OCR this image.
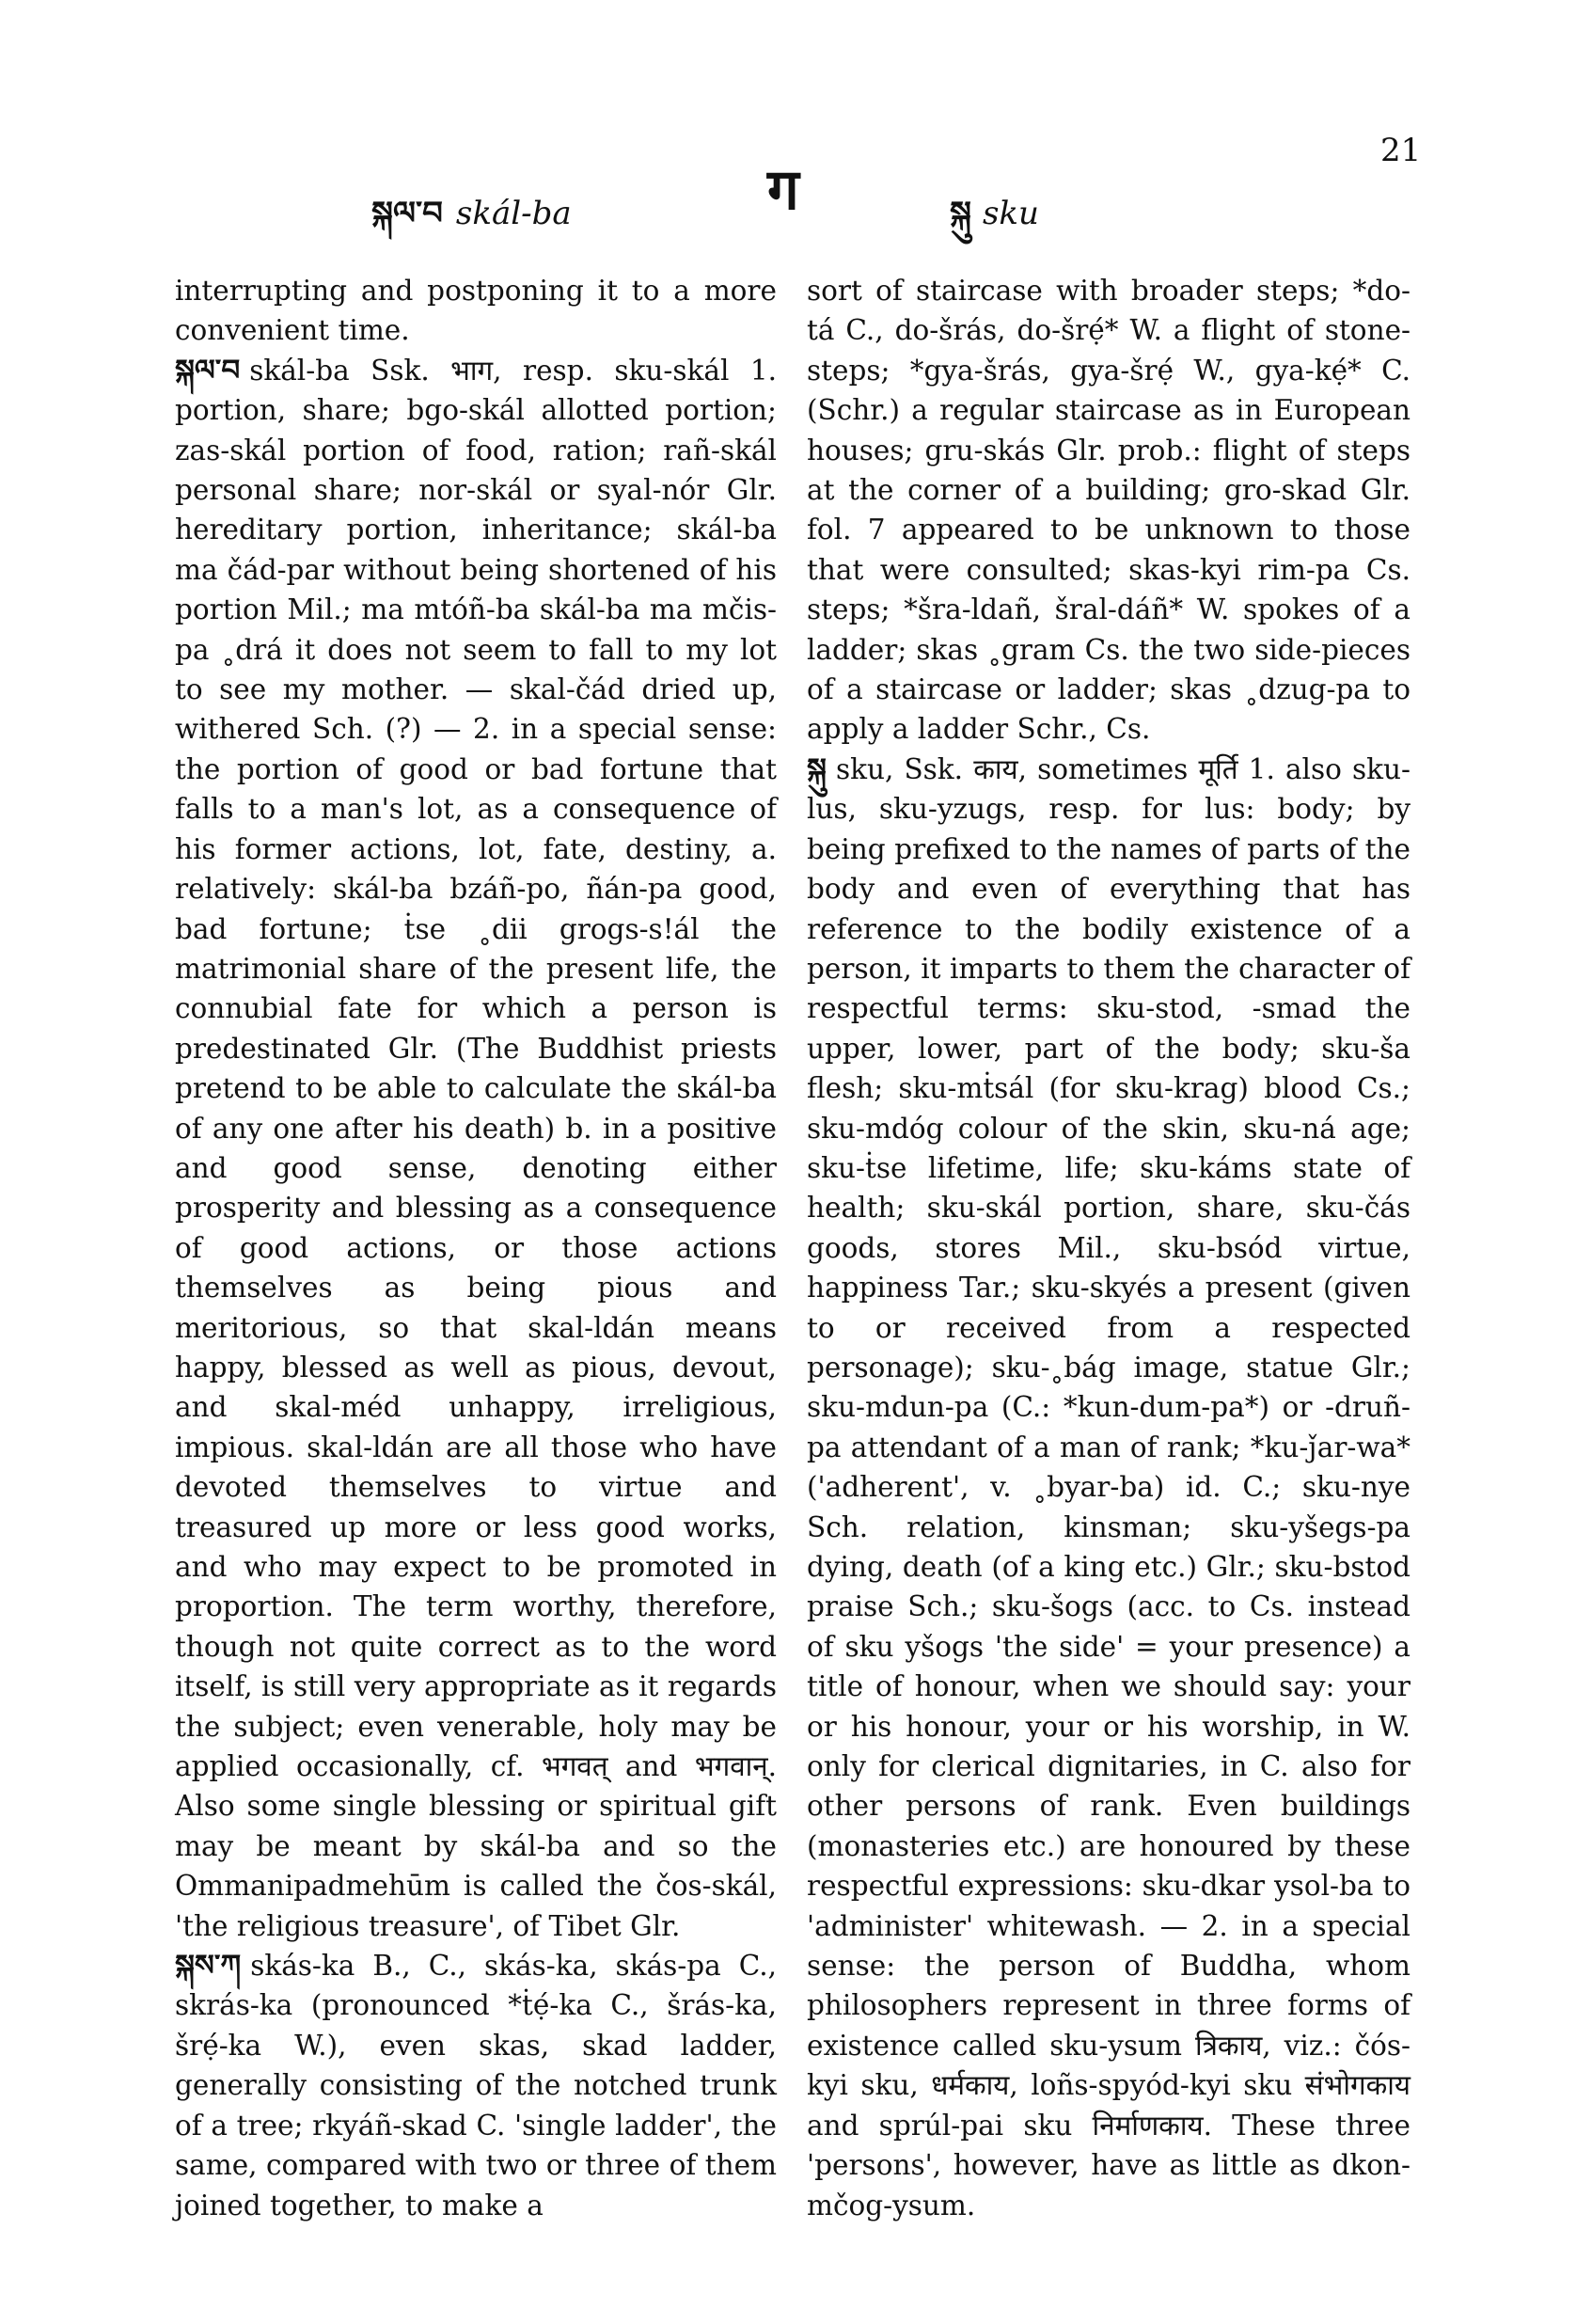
སྐལ་བ skál-ba	ग	སྐུ sku
21

interrupting and postponing it to a more convenient time.

སྐལ་བ skál-ba Ssk. भाग, resp. sku-skál 1. portion, share; bgo-skál allotted portion; zas-skál portion of food, ration; rañ-skál personal share; nor-skál or syal-nór Glr. hereditary portion, inheritance; skál-ba ma čád-par without being shortened of his portion Mil.; ma mtóñ-ba skál-ba ma mčis-pa ˳drá it does not seem to fall to my lot to see my mother. — skal-čád dried up, withered Sch. (?) — 2. in a special sense: the portion of good or bad fortune that falls to a man's lot, as a consequence of his former actions, lot, fate, destiny, a. relatively: skál-ba bzáñ-po, ñán-pa good, bad fortune; ṫse ˳dii grogs-s!ál the matrimonial share of the present life, the connubial fate for which a person is predestinated Glr. (The Buddhist priests pretend to be able to calculate the skál-ba of any one after his death) b. in a positive and good sense, denoting either prosperity and blessing as a consequence of good actions, or those actions themselves as being pious and meritorious, so that skal-ldán means happy, blessed as well as pious, devout, and skal-méd unhappy, irreligious, impious. skal-ldán are all those who have devoted themselves to virtue and treasured up more or less good works, and who may expect to be promoted in proportion. The term worthy, therefore, though not quite correct as to the word itself, is still very appropriate as it regards the subject; even venerable, holy may be applied occasionally, cf. भगवत् and भगवान्. Also some single blessing or spiritual gift may be meant by skál-ba and so the Ommanipadmehūm is called the čos-skál, 'the religious treasure', of Tibet Glr.

སྐས་ཀ skás-ka B., C., skás-ka, skás-pa C., skrás-ka (pronounced *ṫẹ́-ka C., šrás-ka, šrẹ́-ka W.), even skas, skad ladder, generally consisting of the notched trunk of a tree; rkyáñ-skad C. 'single ladder', the same, compared with two or three of them joined together, to make a

sort of staircase with broader steps; *do-tá C., do-šrás, do-šrẹ́* W. a flight of stone-steps; *gya-šrás, gya-šrẹ́ W., gya-kẹ́* C. (Schr.) a regular staircase as in European houses; gru-skás Glr. prob.: flight of steps at the corner of a building; gro-skad Glr. fol. 7 appeared to be unknown to those that were consulted; skas-kyi rim-pa Cs. steps; *šra-ldañ, šral-dáñ* W. spokes of a ladder; skas ˳gram Cs. the two side-pieces of a staircase or ladder; skas ˳dzug-pa to apply a ladder Schr., Cs.

སྐུ sku, Ssk. काय, sometimes मूर्ति 1. also sku-lus, sku-yzugs, resp. for lus: body; by being prefixed to the names of parts of the body and even of everything that has reference to the bodily existence of a person, it imparts to them the character of respectful terms: sku-stod, -smad the upper, lower, part of the body; sku-ša flesh; sku-mṫsál (for sku-krag) blood Cs.; sku-mdóg colour of the skin, sku-ná age; sku-ṫse lifetime, life; sku-káms state of health; sku-skál portion, share, sku-čás goods, stores Mil., sku-bsód virtue, happiness Tar.; sku-skyés a present (given to or received from a respected personage); sku-˳bág image, statue Glr.; sku-mdun-pa (C.: *kun-dum-pa*) or -druñ-pa attendant of a man of rank; *ku-ǰar-wa* ('adherent', v. ˳byar-ba) id. C.; sku-nye Sch. relation, kinsman; sku-yšegs-pa dying, death (of a king etc.) Glr.; sku-bstod praise Sch.; sku-šogs (acc. to Cs. instead of sku yšogs 'the side' = your presence) a title of honour, when we should say: your or his honour, your or his worship, in W. only for clerical dignitaries, in C. also for other persons of rank. Even buildings (monasteries etc.) are honoured by these respectful expressions: sku-dkar ysol-ba to 'administer' whitewash. — 2. in a special sense: the person of Buddha, whom philosophers represent in three forms of existence called sku-ysum त्रिकाय, viz.: čós-kyi sku, धर्मकाय, loñs-spyód-kyi sku संभोगकाय and sprúl-pai sku निर्माणकाय. These three 'persons', however, have as little as dkon-mčog-ysum.
